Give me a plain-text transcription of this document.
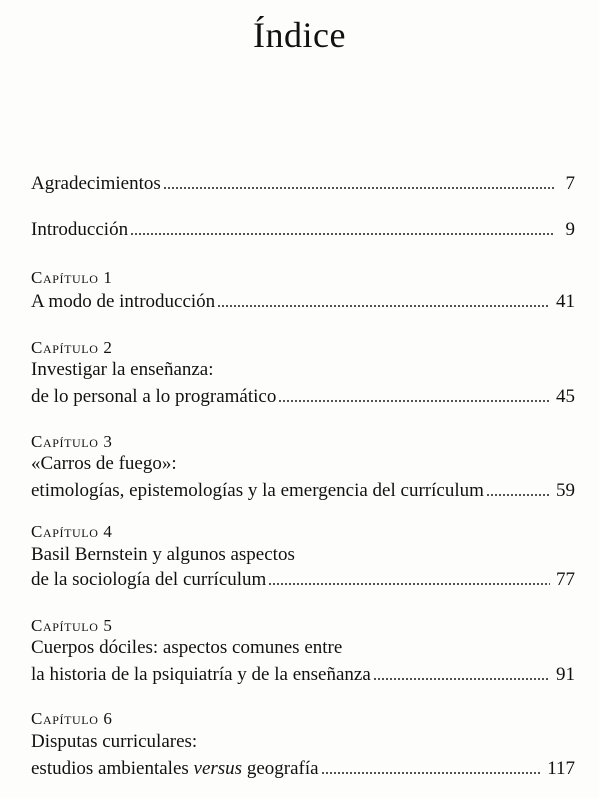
Índice
Agradecimientos	7
Introducción	9
Capítulo 1
A modo de introducción	41
Capítulo 2
Investigar la enseñanza:
de lo personal a lo programático	45
Capítulo 3
«Carros de fuego»:
etimologías, epistemologías y la emergencia del currículum	59
Capítulo 4
Basil Bernstein y algunos aspectos
de la sociología del currículum	77
Capítulo 5
Cuerpos dóciles: aspectos comunes entre
la historia de la psiquiatría y de la enseñanza	91
Capítulo 6
Disputas curriculares:
estudios ambientales versus geografía	117
